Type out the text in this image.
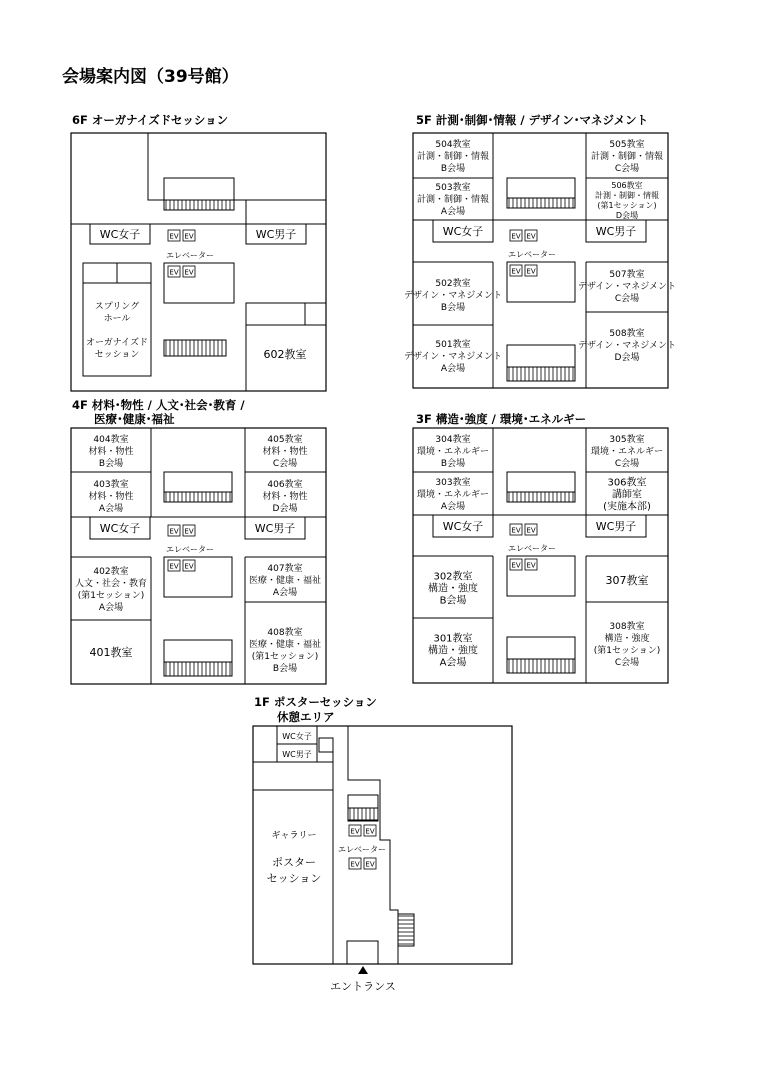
会場案内図（39号館）
6F オーガナイズドセッション
WC女子	WC男子
EV EV
エレベーター
EV EV
スプリング
ホール
オーガナイズド
セッション	602教室
5F 計測･制御･情報 / デザイン･マネジメント
WC女子	WC男子
EV EV
エレベーター
EV EV
504教室
計測・制御・情報
B会場
503教室
計測・制御・情報
A会場
505教室
計測・制御・情報
C会場
506教室
計測・制御・情報
(第1セッション)
D会場
502教室
デザイン・マネジメント
B会場
501教室
デザイン・マネジメント
A会場
507教室
デザイン・マネジメント
C会場
508教室
デザイン・マネジメント
D会場
4F 材料･物性 / 人文･社会･教育 /
医療･健康･福祉
WC女子	WC男子
EV EV
エレベーター
EV EV
404教室
材料・物性
B会場
403教室
材料・物性
A会場
405教室
材料・物性
C会場
406教室
材料・物性
D会場
402教室
人文・社会・教育
(第1セッション)
A会場
401教室
407教室
医療・健康・福祉
A会場
408教室
医療・健康・福祉
(第1セッション)
B会場
3F 構造･強度 / 環境･エネルギー
WC女子	WC男子
EV EV
エレベーター
EV EV
304教室
環境・エネルギー
B会場
303教室
環境・エネルギー
A会場
305教室
環境・エネルギー
C会場
306教室
講師室
(実施本部)
302教室
構造・強度
B会場
301教室
構造・強度
A会場
307教室
308教室
構造・強度
(第1セッション)
C会場
1F ポスターセッション
休憩エリア
WC女子
WC男子
EV EV
エレベーター
EV EV
ギャラリー
ポスター
セッション
エントランス
